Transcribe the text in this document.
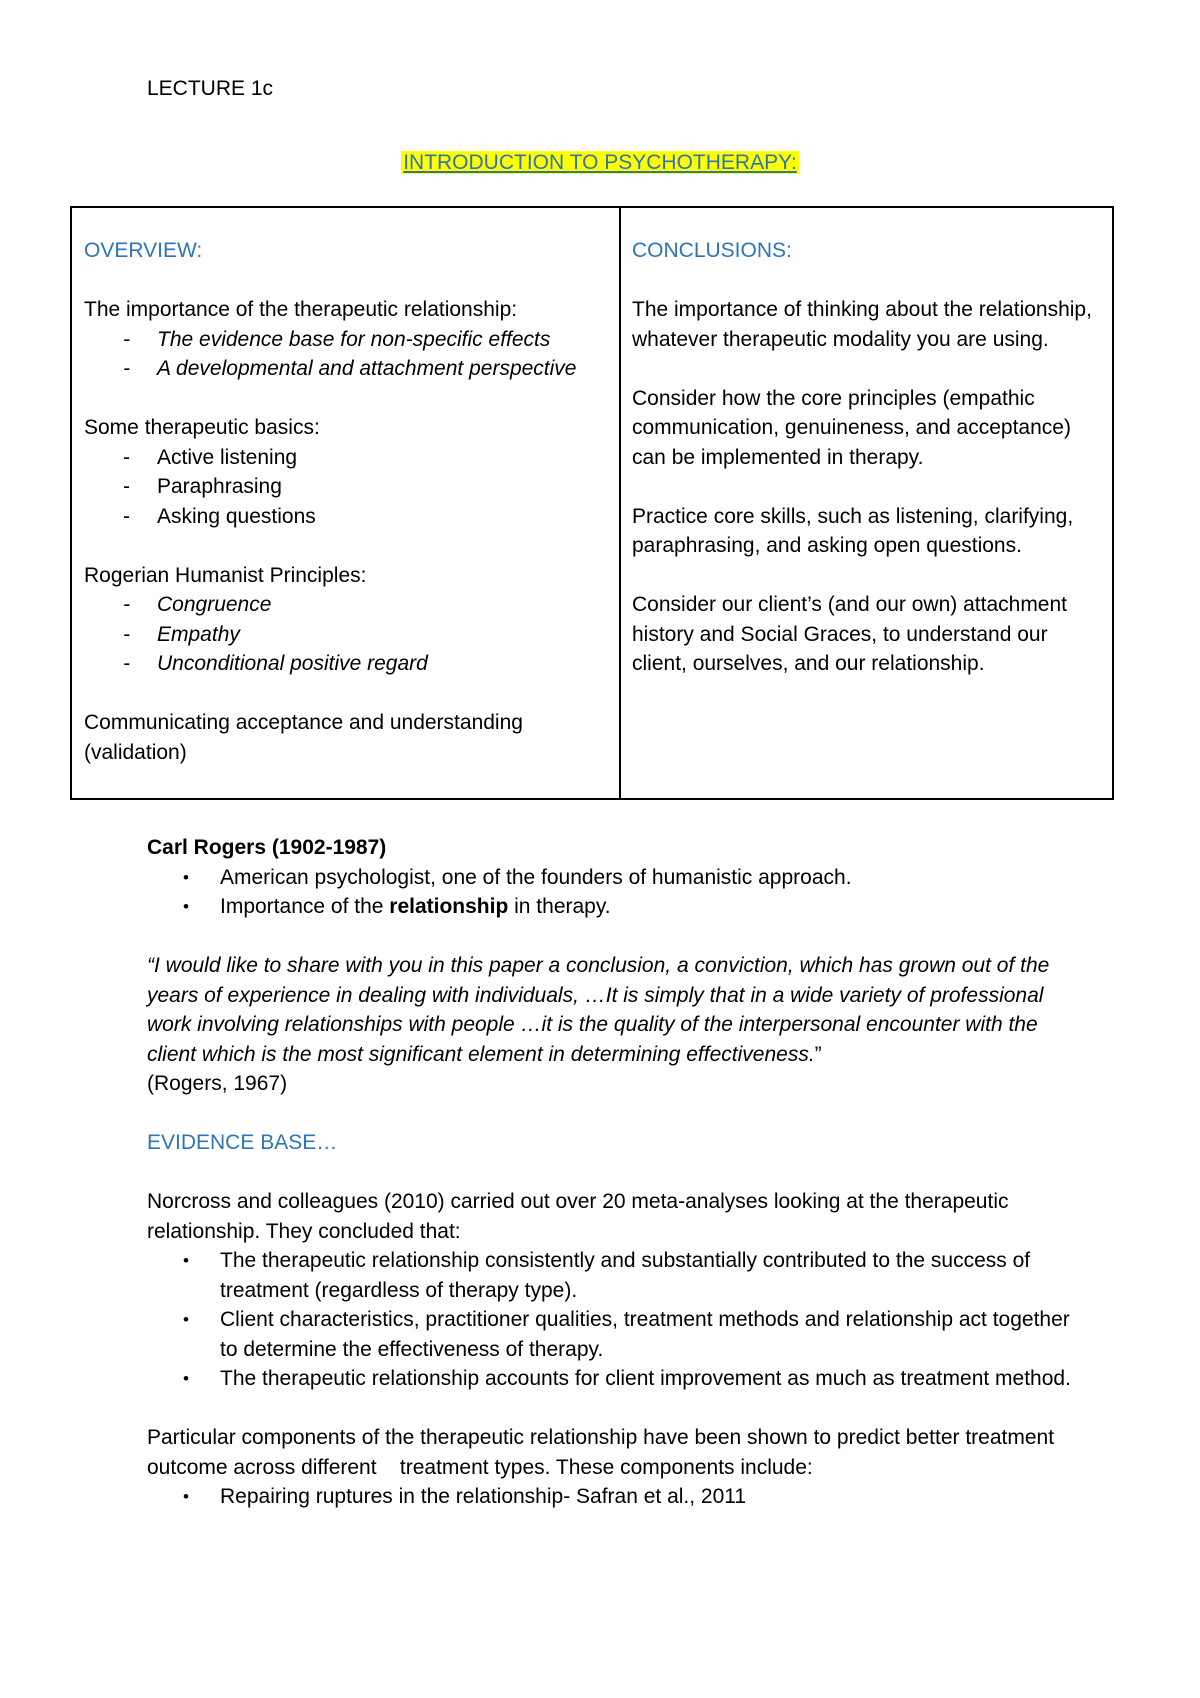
LECTURE 1c
INTRODUCTION TO PSYCHOTHERAPY:
OVERVIEW:
The importance of the therapeutic relationship:
- The evidence base for non-specific effects
- A developmental and attachment perspective
Some therapeutic basics:
- Active listening
- Paraphrasing
- Asking questions
Rogerian Humanist Principles:
- Congruence
- Empathy
- Unconditional positive regard
Communicating acceptance and understanding (validation)
CONCLUSIONS:

The importance of thinking about the relationship, whatever therapeutic modality you are using.

Consider how the core principles (empathic communication, genuineness, and acceptance) can be implemented in therapy.

Practice core skills, such as listening, clarifying, paraphrasing, and asking open questions.

Consider our client’s (and our own) attachment history and Social Graces, to understand our client, ourselves, and our relationship.

Carl Rogers (1902-1987)
• American psychologist, one of the founders of humanistic approach.
• Importance of the relationship in therapy.

“I would like to share with you in this paper a conclusion, a conviction, which has grown out of the years of experience in dealing with individuals, …It is simply that in a wide variety of professional work involving relationships with people …it is the quality of the interpersonal encounter with the client which is the most significant element in determining effectiveness.”

(Rogers, 1967)

EVIDENCE BASE…

Norcross and colleagues (2010) carried out over 20 meta-analyses looking at the therapeutic relationship. They concluded that:

• The therapeutic relationship consistently and substantially contributed to the success of treatment (regardless of therapy type).
• Client characteristics, practitioner qualities, treatment methods and relationship act together to determine the effectiveness of therapy.
• The therapeutic relationship accounts for client improvement as much as treatment method.

Particular components of the therapeutic relationship have been shown to predict better treatment outcome across different    treatment types. These components include:

• Repairing ruptures in the relationship- Safran et al., 2011
